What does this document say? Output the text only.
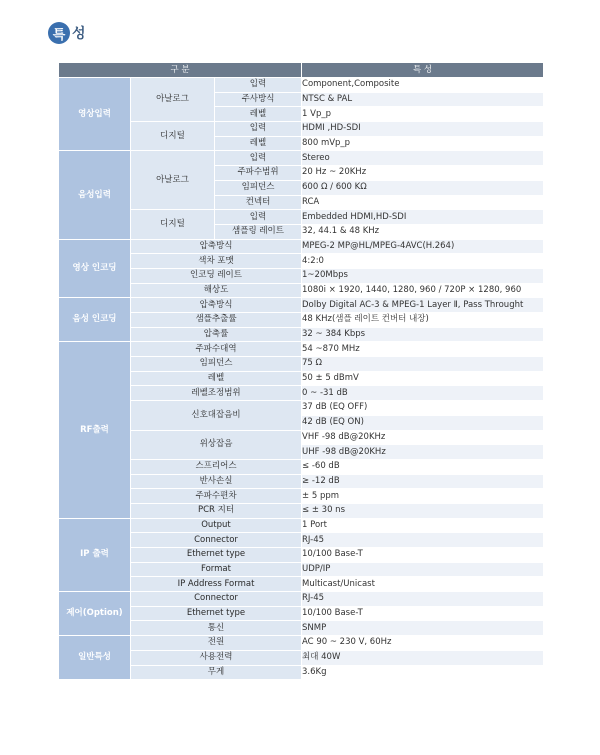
특 성
구 분			특 성
영상입력	아날로그	입력	Component,Composite
		주사방식	NTSC & PAL
		레벨	1 Vp_p
	디지털	입력	HDMI ,HD-SDI
		레벨	800 mVp_p
음성입력	아날로그	입력	Stereo
		주파수범위	20 Hz ~ 20KHz
		임피던스	600 Ω / 600 KΩ
		컨넥터	RCA
	디지털	입력	Embedded HDMI,HD-SDI
		샘플링 레이트	32, 44.1 & 48 KHz
영상 인코딩	압축방식		MPEG-2 MP@HL/MPEG-4AVC(H.264)
	색차 포맷		4:2:0
	인코딩 레이트		1~20Mbps
	해상도		1080i × 1920, 1440, 1280, 960 / 720P × 1280, 960
음성 인코딩	압축방식		Dolby Digital AC-3 & MPEG-1 Layer Ⅱ, Pass Throught
	샘플추출률		48 KHz(샘플 레이트 컨버터 내장)
	압축률		32 ~ 384 Kbps
RF출력	주파수대역		54 ~870 MHz
	임피던스		75 Ω
	레벨		50 ± 5 dBmV
	레벨조정범위		0 ~ -31 dB
	신호대잡음비		37 dB (EQ OFF)
			42 dB (EQ ON)
	위상잡음		VHF -98 dB@20KHz
			UHF -98 dB@20KHz
	스프리어스		≤ -60 dB
	반사손실		≥ -12 dB
	주파수편차		± 5 ppm
	PCR 지터		≤ ± 30 ns
IP 출력	Output		1 Port
	Connector		RJ-45
	Ethernet type		10/100 Base-T
	Format		UDP/IP
	IP Address Format		Multicast/Unicast
제어(Option)	Connector		RJ-45
	Ethernet type		10/100 Base-T
	통신		SNMP
일반특성	전원		AC 90 ~ 230 V, 60Hz
	사용전력		최대 40W
	무게		3.6Kg
